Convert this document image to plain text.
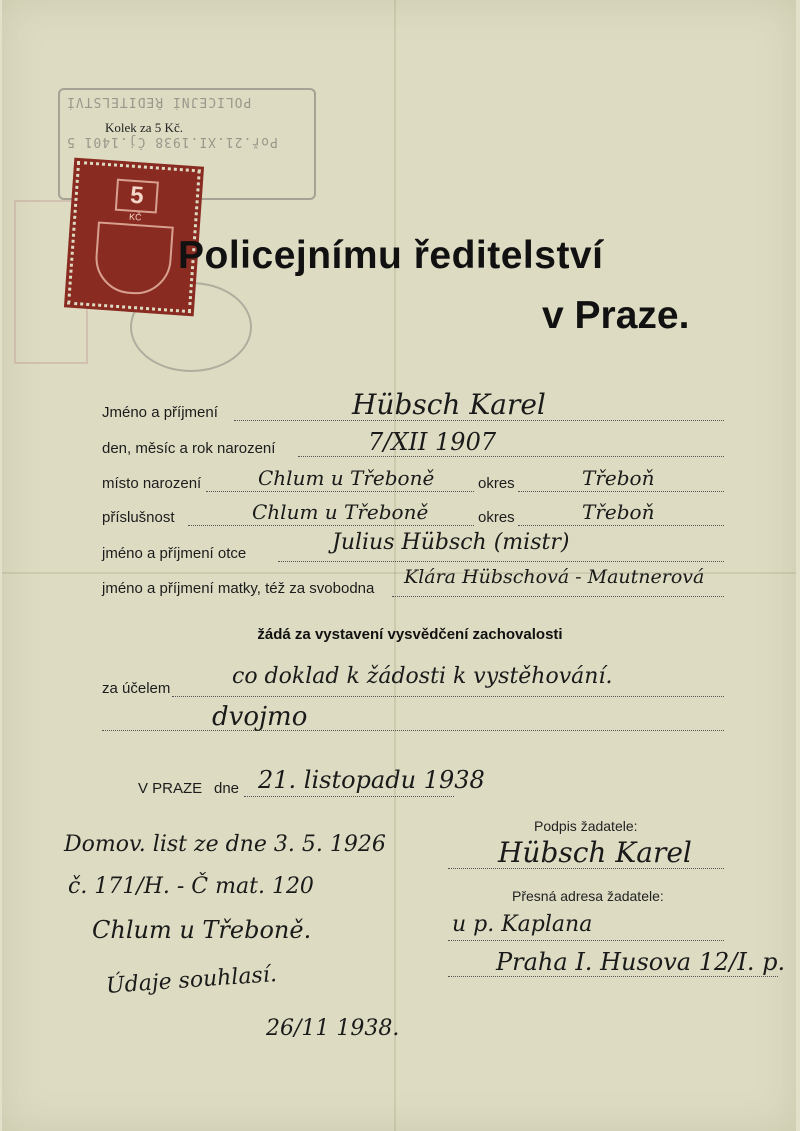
POLICEJNÍ ŘEDITELSTVÍ
Poř.21.XI.1938 Čj.1401 5
Kolek za 5 Kč.
5
KČ
Policejnímu ředitelství
v Praze.
Jméno a příjmení	Hübsch Karel
den, měsíc a rok narození	7/XII 1907
místo narození	Chlum u Třeboně	okres	Třeboň
příslušnost	Chlum u Třeboně	okres	Třeboň
jméno a příjmení otce	Julius Hübsch (mistr)
jméno a příjmení matky, též za svobodna
Klára Hübschová - Mautnerová
žádá za vystavení vysvědčení zachovalosti
za účelem	co doklad k žádosti k vystěhování.
dvojmo
V PRAZE dne 21. listopadu 1938
Podpis žadatele:
Hübsch Karel
Přesná adresa žadatele:
u p. Kaplana
Praha I. Husova 12/I. p.
Domov. list ze dne 3. 5. 1926
č. 171/H. - Č mat. 120
Chlum u Třeboně.
Údaje souhlasí.
26/11 1938.
